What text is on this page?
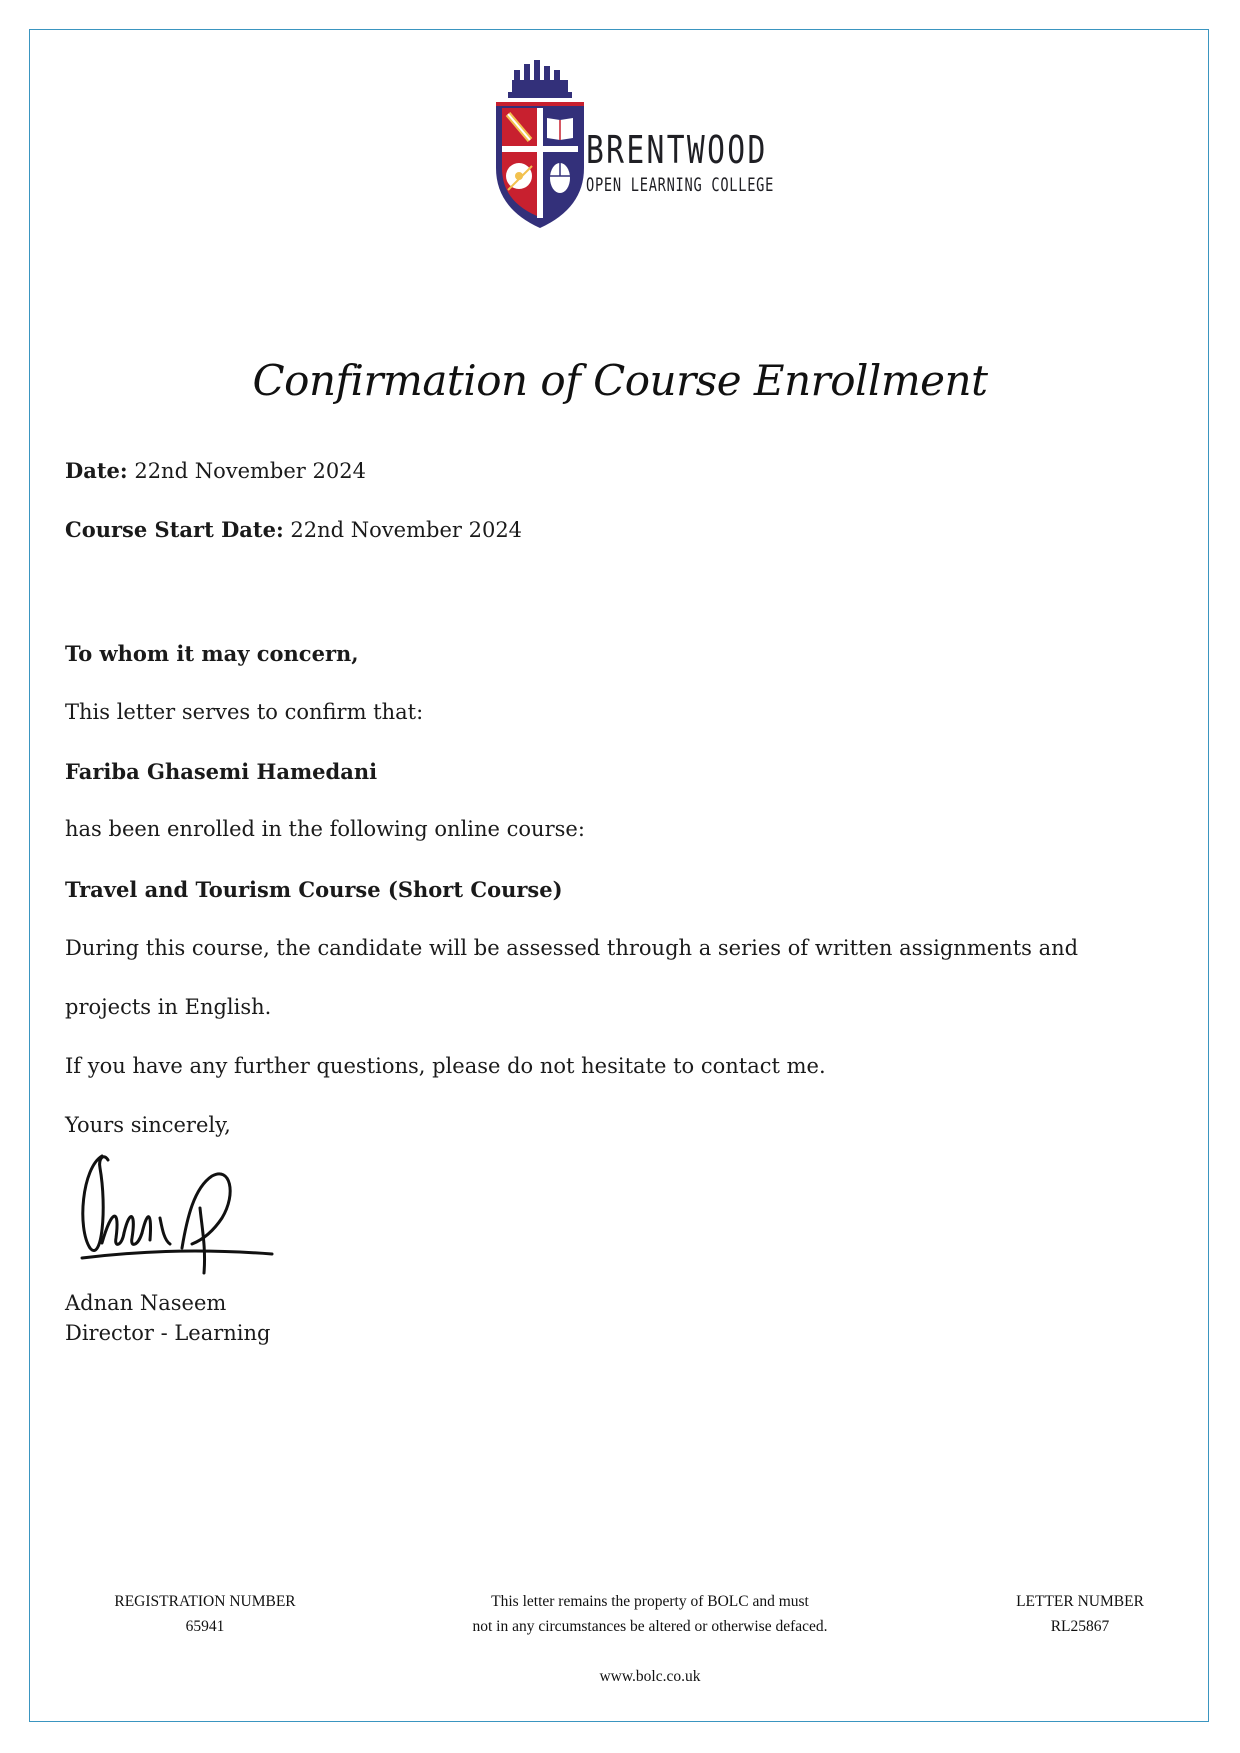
BRENTWOOD
OPEN LEARNING COLLEGE
Confirmation of Course Enrollment
Date: 22nd November 2024
Course Start Date: 22nd November 2024
To whom it may concern,
This letter serves to confirm that:
Fariba Ghasemi Hamedani
has been enrolled in the following online course:
Travel and Tourism Course (Short Course)
During this course, the candidate will be assessed through a series of written assignments and
projects in English.
If you have any further questions, please do not hesitate to contact me.
Yours sincerely,
Adnan Naseem
Director - Learning
REGISTRATION NUMBER
65941
This letter remains the property of BOLC and must
not in any circumstances be altered or otherwise defaced.
LETTER NUMBER
RL25867
www.bolc.co.uk
